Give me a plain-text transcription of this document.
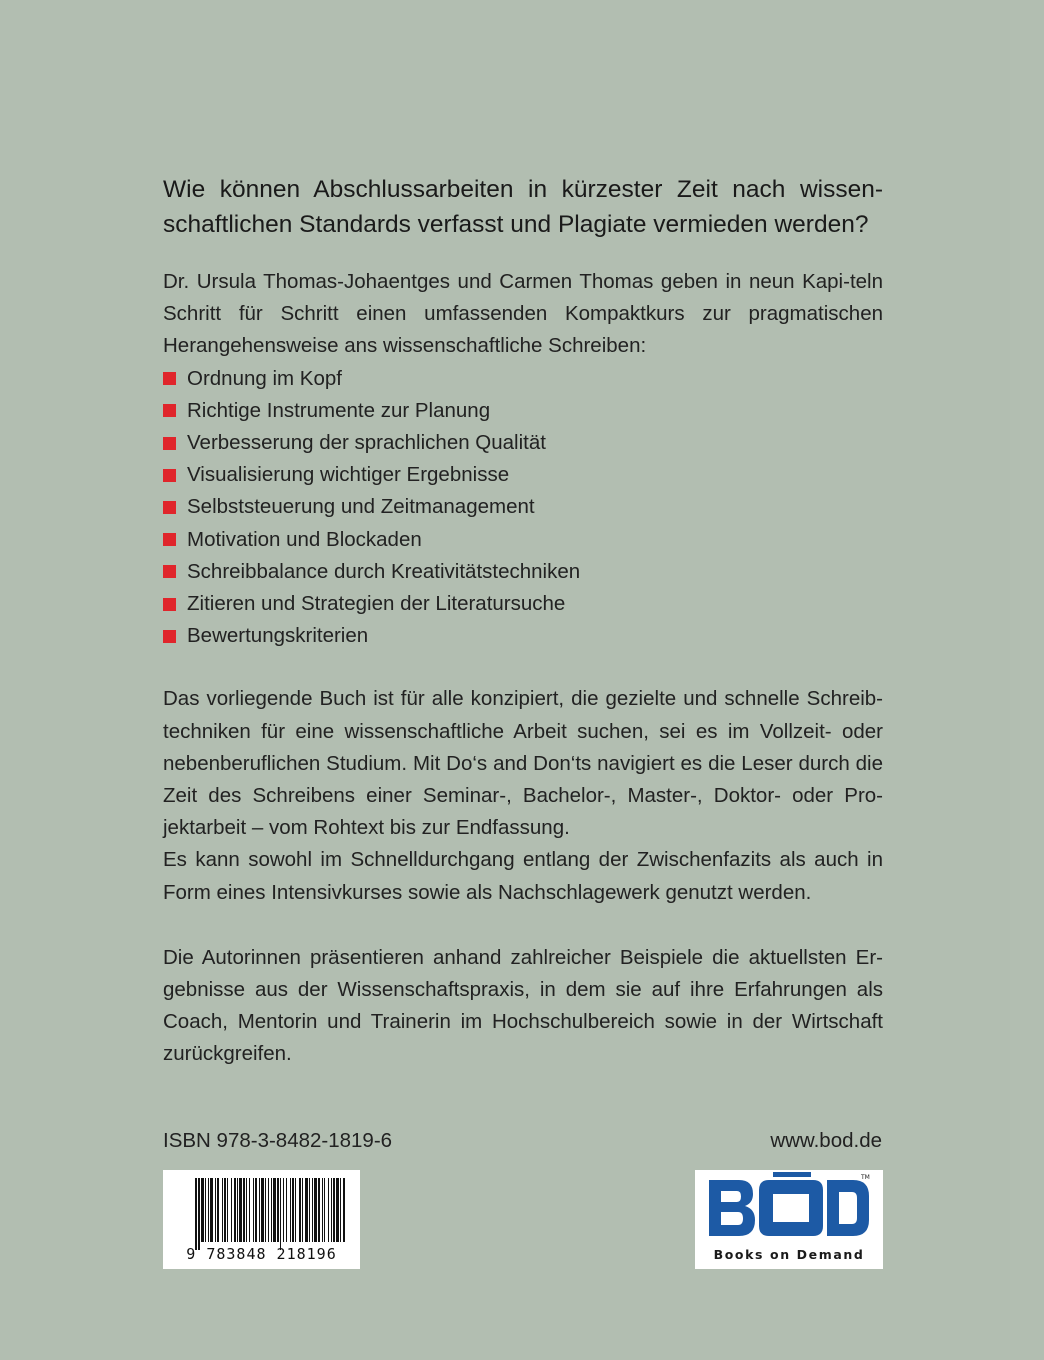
Wie können Abschlussarbeiten in kürzester Zeit nach wissen-schaftlichen Standards verfasst und Plagiate vermieden werden?

Dr. Ursula Thomas-Johaentges und Carmen Thomas geben in neun Kapi-teln Schritt für Schritt einen umfassenden Kompaktkurs zur pragmatischen Herangehensweise ans wissenschaftliche Schreiben:

Ordnung im Kopf
Richtige Instrumente zur Planung
Verbesserung der sprachlichen Qualität
Visualisierung wichtiger Ergebnisse
Selbststeuerung und Zeitmanagement
Motivation und Blockaden
Schreibbalance durch Kreativitätstechniken
Zitieren und Strategien der Literatursuche
Bewertungskriterien

Das vorliegende Buch ist für alle konzipiert, die gezielte und schnelle Schreib-techniken für eine wissenschaftliche Arbeit suchen, sei es im Vollzeit- oder nebenberuflichen Studium. Mit Do‘s and Don‘ts navigiert es die Leser durch die Zeit des Schreibens einer Seminar-, Bachelor-, Master-, Doktor- oder Pro-jektarbeit – vom Rohtext bis zur Endfassung.

Es kann sowohl im Schnelldurchgang entlang der Zwischenfazits als auch in Form eines Intensivkurses sowie als Nachschlagewerk genutzt werden.

Die Autorinnen präsentieren anhand zahlreicher Beispiele die aktuellsten Er-gebnisse aus der Wissenschaftspraxis, in dem sie auf ihre Erfahrungen als Coach, Mentorin und Trainerin im Hochschulbereich sowie in der Wirtschaft zurückgreifen.

ISBN 978-3-84​82-1819-6	www.bod.de
9 783848 218196
TM
Books on Demand
